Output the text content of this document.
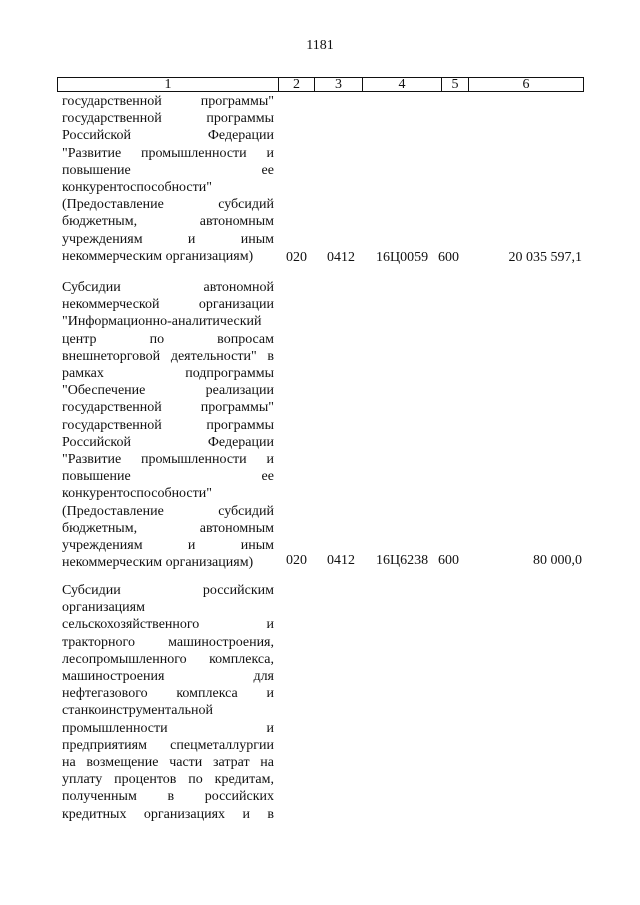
1181
1	2	3	4	5	6
государственной программы"
государственной программы
Российской Федерации
"Развитие промышленности и
повышение ее
конкурентоспособности"
(Предоставление субсидий
бюджетным, автономным
учреждениям и иным
некоммерческим организациям)	020 0412 16Ц0059 600	20 035 597,1
Субсидии автономной
некоммерческой организации
"Информационно-аналитический
центр по вопросам
внешнеторговой деятельности" в
рамках подпрограммы
"Обеспечение реализации
государственной программы"
государственной программы
Российской Федерации
"Развитие промышленности и
повышение ее
конкурентоспособности"
(Предоставление субсидий
бюджетным, автономным
учреждениям и иным
некоммерческим организациям)	020 0412 16Ц6238 600	80 000,0
Субсидии российским
организациям
сельскохозяйственного и
тракторного машиностроения,
лесопромышленного комплекса,
машиностроения для
нефтегазового комплекса и
станкоинструментальной
промышленности и
предприятиям спецметаллургии
на возмещение части затрат на
уплату процентов по кредитам,
полученным в российских
кредитных организациях и в
